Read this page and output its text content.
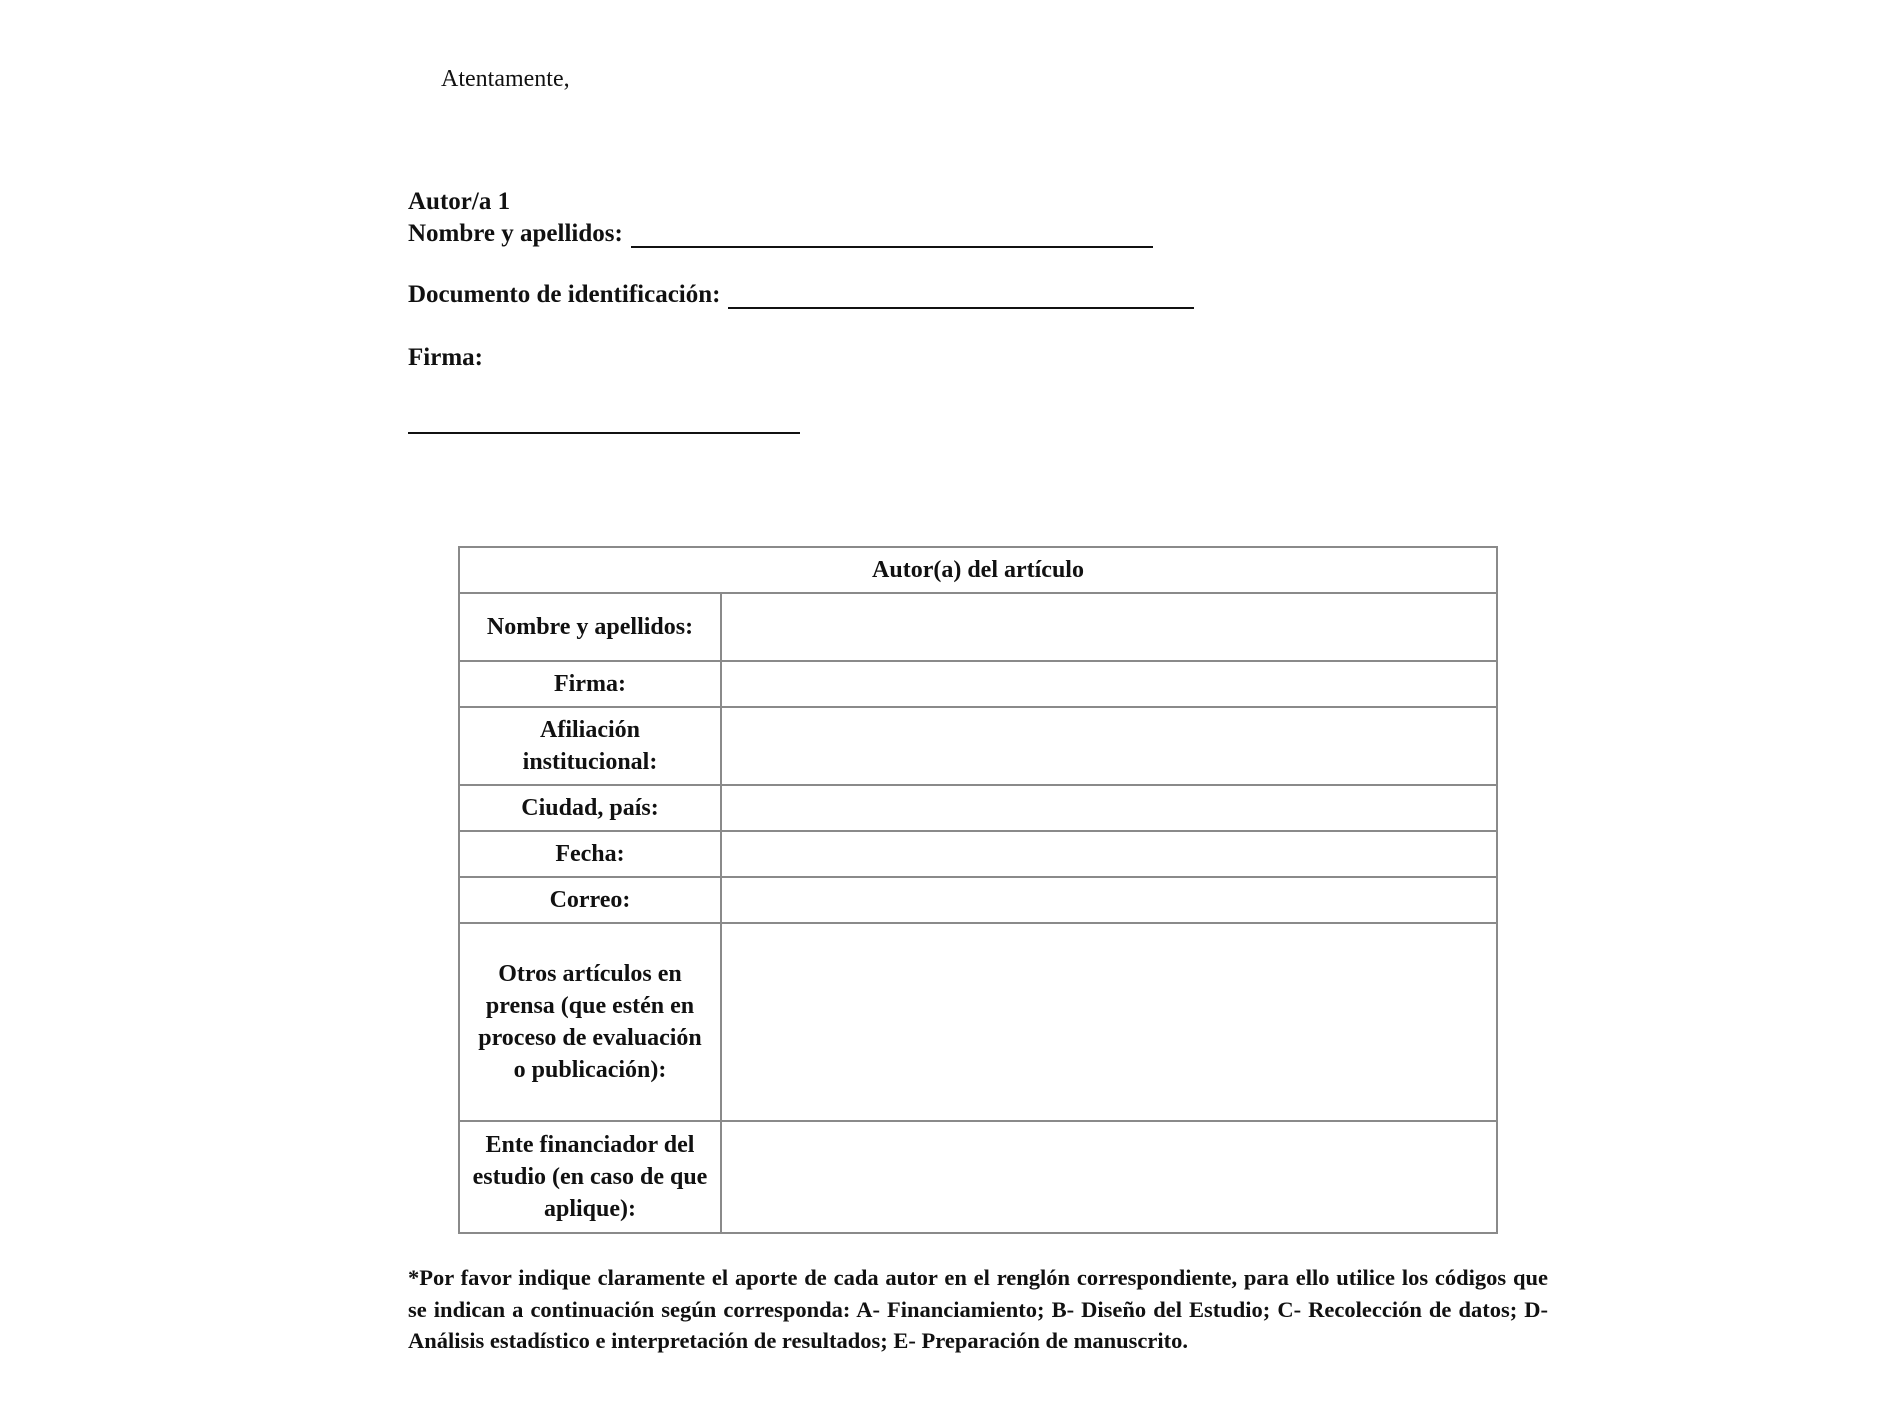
Atentamente,
Autor/a 1
Nombre y apellidos:
Documento de identificación:
Firma:
Autor(a) del artículo	
Nombre y apellidos:	
Firma:	
Afiliación institucional:	
Ciudad, país:	
Fecha:	
Correo:	
Otros artículos en prensa (que estén en proceso de evaluación o publicación):	
Ente financiador del estudio (en caso de que aplique):	
*Por favor indique claramente el aporte de cada autor en el renglón correspondiente, para ello utilice los códigos que se indican a continuación según corresponda: A- Financiamiento; B- Diseño del Estudio; C- Recolección de datos; D- Análisis estadístico e interpretación de resultados; E- Preparación de manuscrito.
